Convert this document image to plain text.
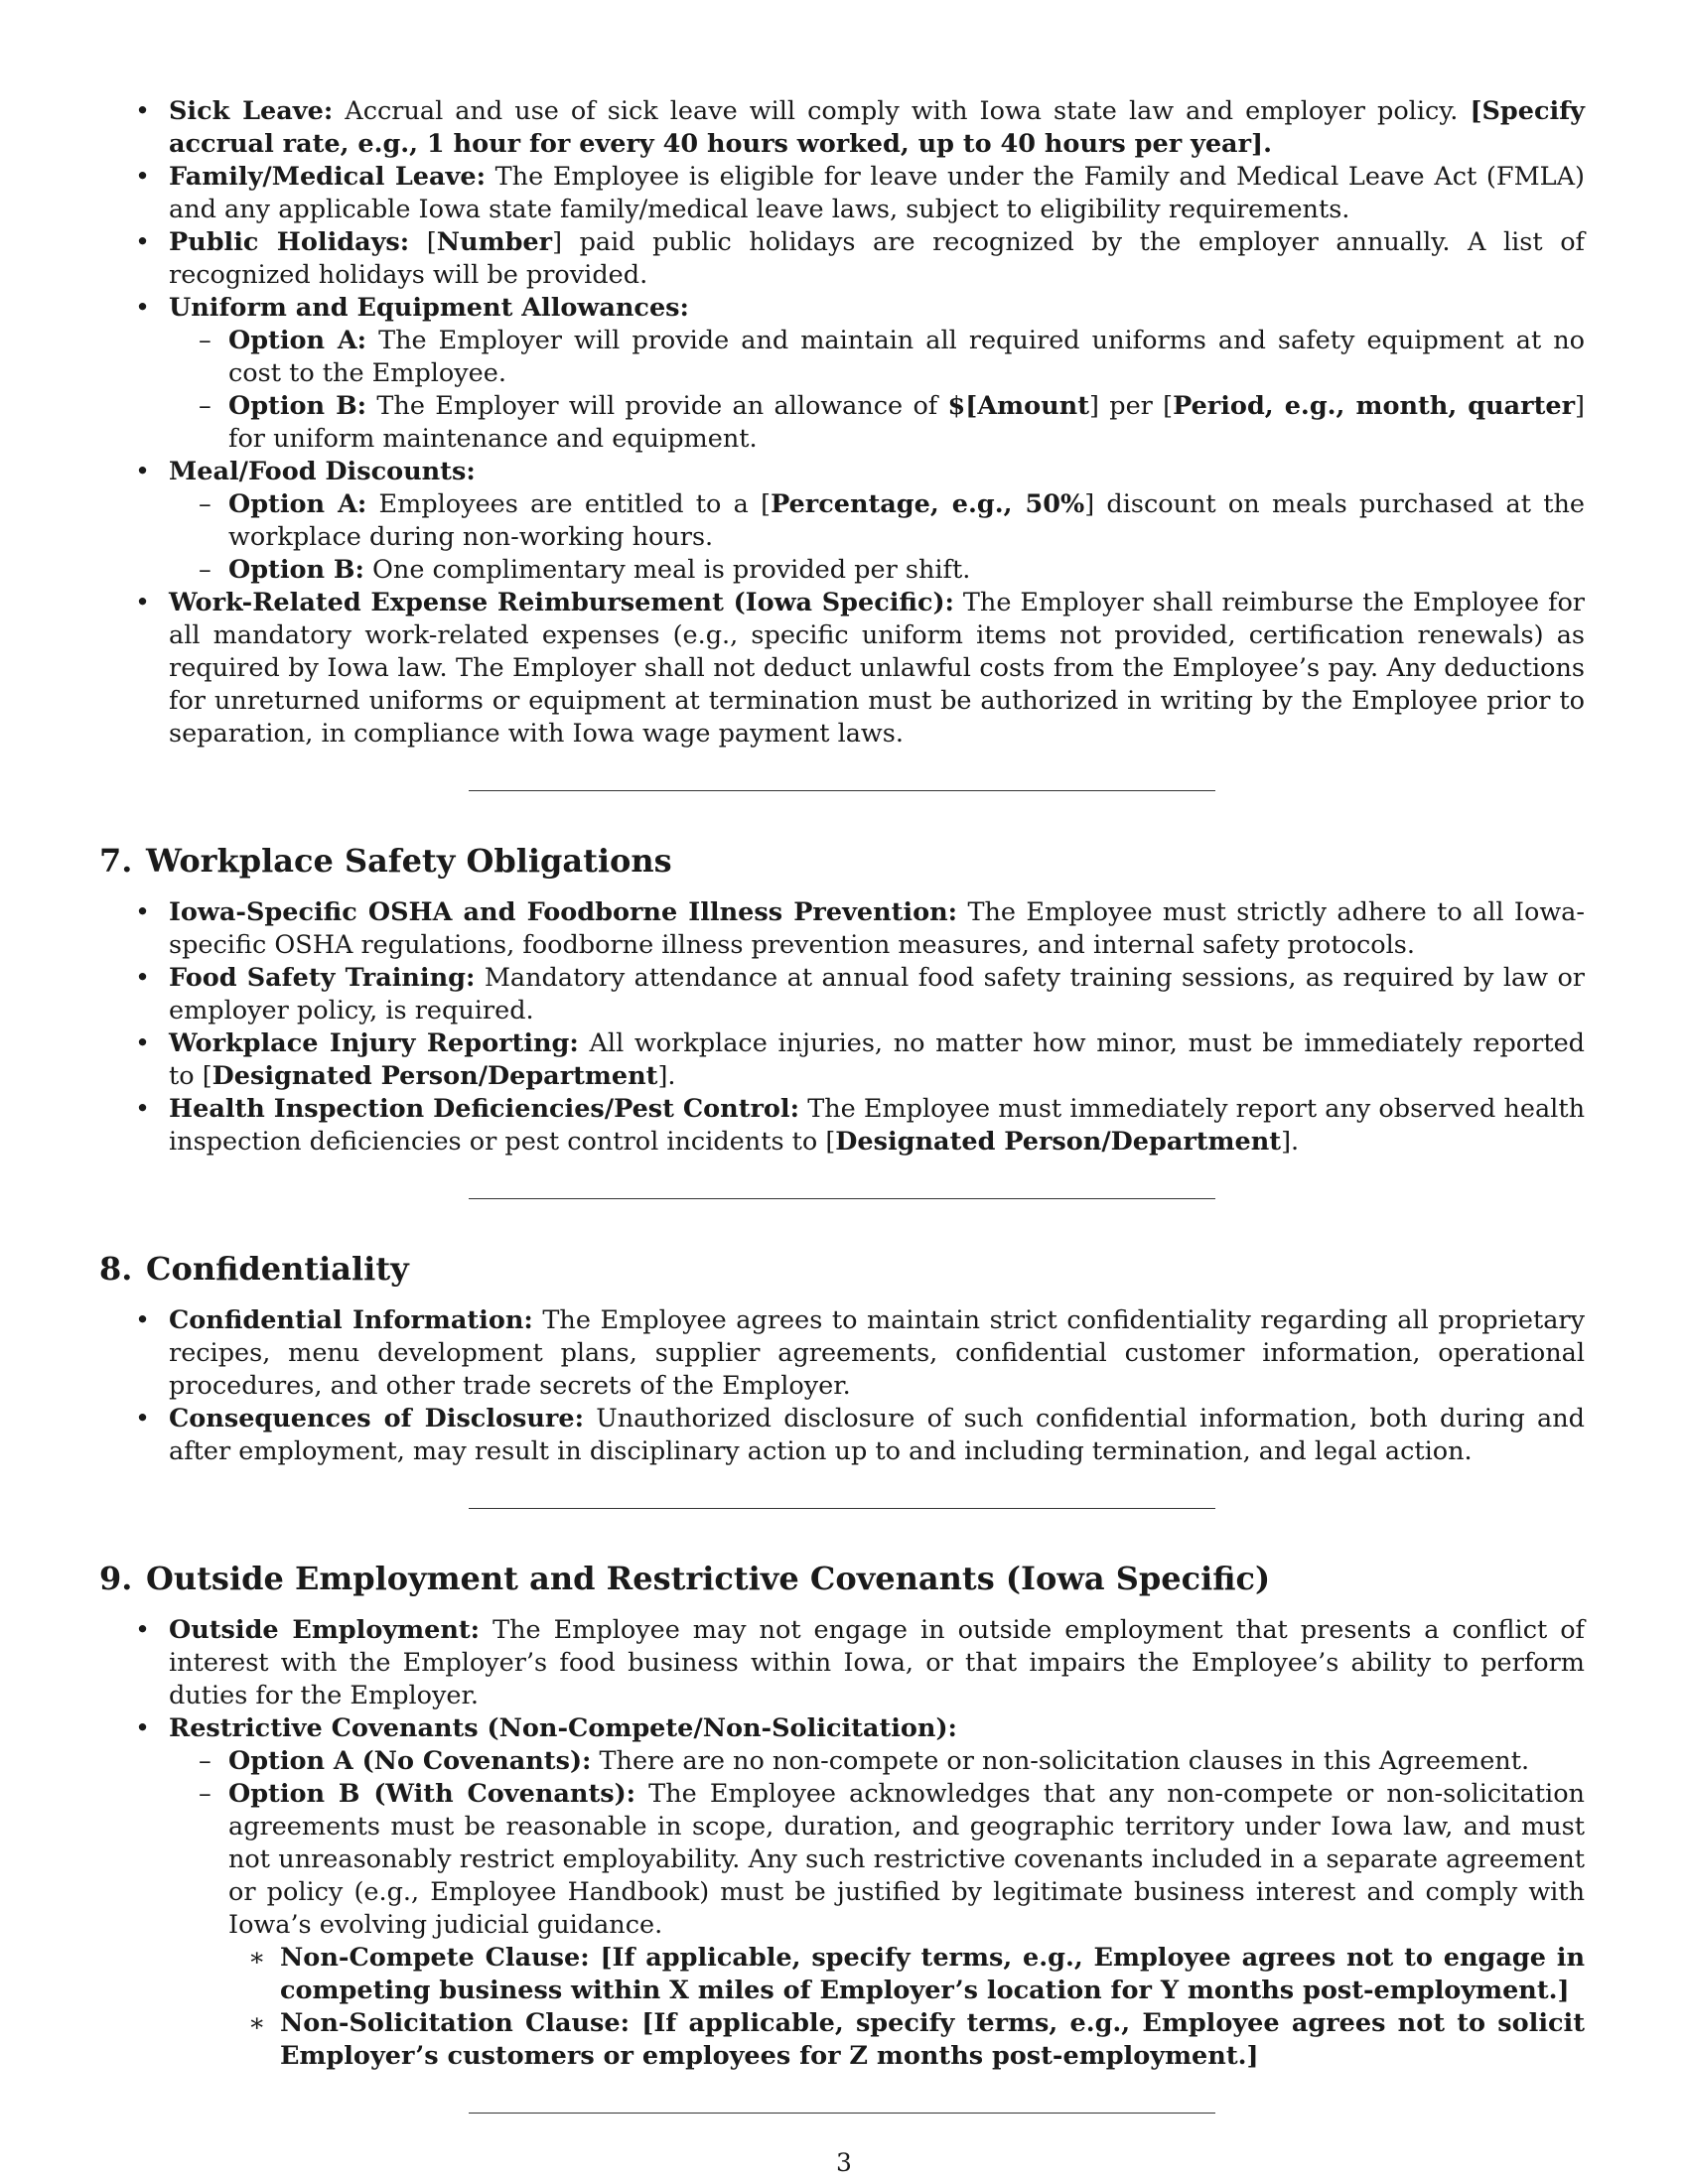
• Sick Leave: Accrual and use of sick leave will comply with Iowa state law and employer policy. [Specify accrual rate, e.g., 1 hour for every 40 hours worked, up to 40 hours per year].
• Family/Medical Leave: The Employee is eligible for leave under the Family and Medical Leave Act (FMLA) and any applicable Iowa state family/medical leave laws, subject to eligibility requirements.
• Public Holidays: [Number] paid public holidays are recognized by the employer annually. A list of recognized holidays will be provided.
• Uniform and Equipment Allowances:
– Option A: The Employer will provide and maintain all required uniforms and safety equipment at no cost to the Employee.
– Option B: The Employer will provide an allowance of $[Amount] per [Period, e.g., month, quarter] for uniform maintenance and equipment.
• Meal/Food Discounts:
– Option A: Employees are entitled to a [Percentage, e.g., 50%] discount on meals purchased at the workplace during non-working hours.
– Option B: One complimentary meal is provided per shift.
• Work-Related Expense Reimbursement (Iowa Specific): The Employer shall reimburse the Employee for all mandatory work-related expenses (e.g., specific uniform items not provided, certification renewals) as required by Iowa law. The Employer shall not deduct unlawful costs from the Employee’s pay. Any deductions for unreturned uniforms or equipment at termination must be authorized in writing by the Employee prior to separation, in compliance with Iowa wage payment laws.
7. Workplace Safety Obligations
• Iowa-Specific OSHA and Foodborne Illness Prevention: The Employee must strictly adhere to all Iowa-specific OSHA regulations, foodborne illness prevention measures, and internal safety protocols.
• Food Safety Training: Mandatory attendance at annual food safety training sessions, as required by law or employer policy, is required.
• Workplace Injury Reporting: All workplace injuries, no matter how minor, must be immediately reported to [Designated Person/Department].
• Health Inspection Deficiencies/Pest Control: The Employee must immediately report any observed health inspection deficiencies or pest control incidents to [Designated Person/Department].
8. Confidentiality
• Confidential Information: The Employee agrees to maintain strict confidentiality regarding all proprietary recipes, menu development plans, supplier agreements, confidential customer information, operational procedures, and other trade secrets of the Employer.
• Consequences of Disclosure: Unauthorized disclosure of such confidential information, both during and after employment, may result in disciplinary action up to and including termination, and legal action.
9. Outside Employment and Restrictive Covenants (Iowa Specific)
• Outside Employment: The Employee may not engage in outside employment that presents a conflict of interest with the Employer’s food business within Iowa, or that impairs the Employee’s ability to perform duties for the Employer.
• Restrictive Covenants (Non-Compete/Non-Solicitation):
– Option A (No Covenants): There are no non-compete or non-solicitation clauses in this Agreement.
– Option B (With Covenants): The Employee acknowledges that any non-compete or non-solicitation agreements must be reasonable in scope, duration, and geographic territory under Iowa law, and must not unreasonably restrict employability. Any such restrictive covenants included in a separate agreement or policy (e.g., Employee Handbook) must be justified by legitimate business interest and comply with Iowa’s evolving judicial guidance.
∗ Non-Compete Clause: [If applicable, specify terms, e.g., Employee agrees not to engage in competing business within X miles of Employer’s location for Y months post-employment.]
∗ Non-Solicitation Clause: [If applicable, specify terms, e.g., Employee agrees not to solicit Employer’s customers or employees for Z months post-employment.]
3
